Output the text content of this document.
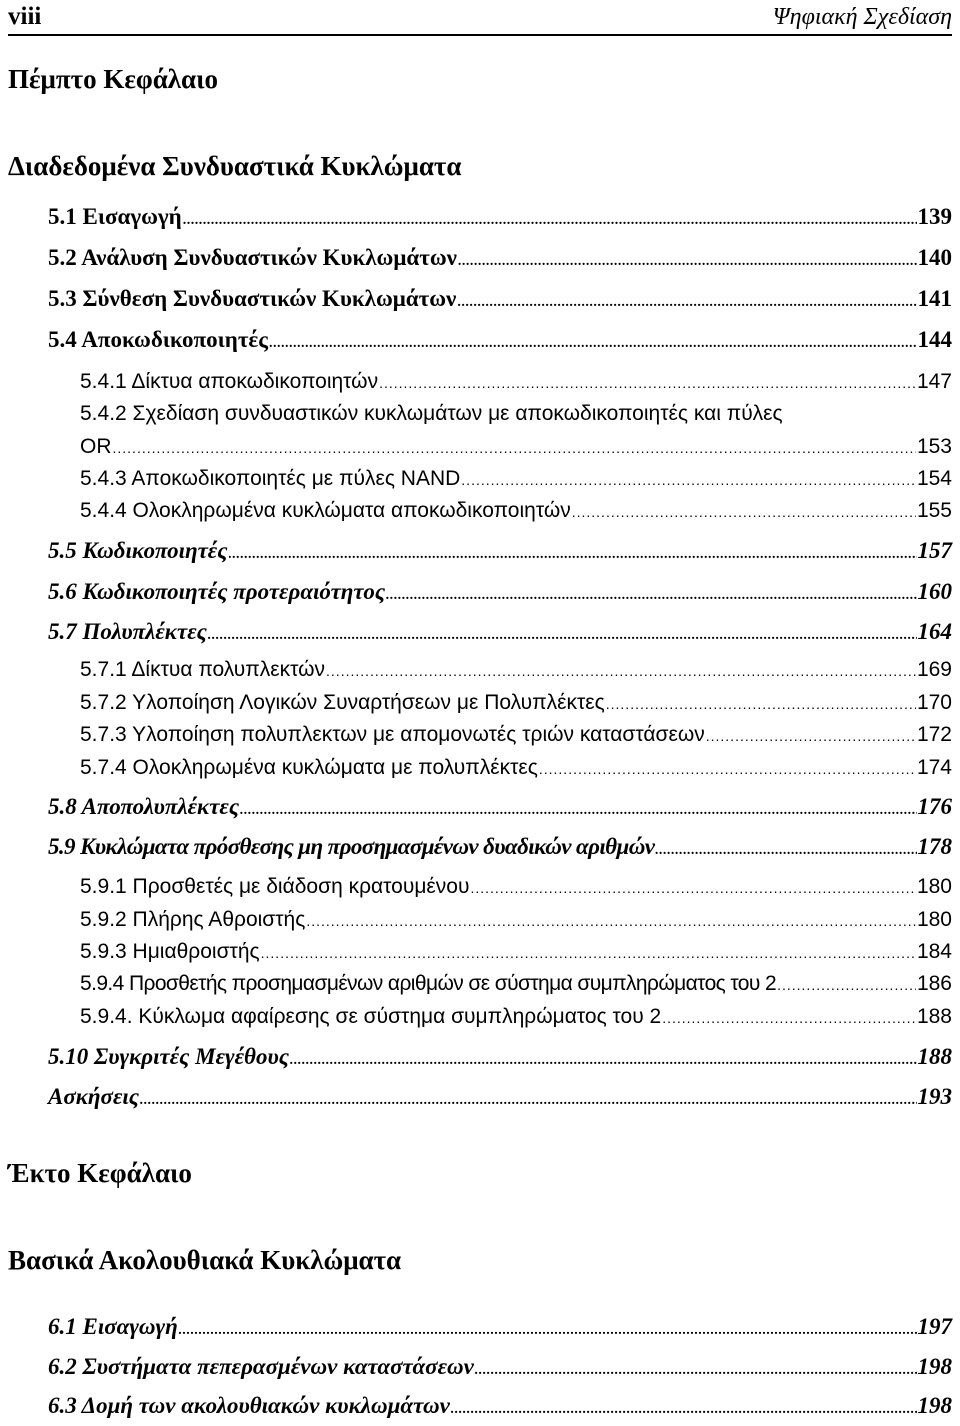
viii	Ψηφιακή Σχεδίαση
Πέμπτο Κεφάλαιο
Διαδεδομένα Συνδυαστικά Κυκλώματα
5.1 Εισαγωγή .....	139
5.2 Ανάλυση Συνδυαστικών Κυκλωμάτων .....	140
5.3 Σύνθεση Συνδυαστικών Κυκλωμάτων .....	141
5.4 Αποκωδικοποιητές .....	144
5.4.1 Δίκτυα αποκωδικοποιητών .....	147
5.4.2 Σχεδίαση συνδυαστικών κυκλωμάτων με αποκωδικοποιητές και πύλες
OR .....	153
5.4.3 Αποκωδικοποιητές με πύλες NAND .....	154
5.4.4 Ολοκληρωμένα κυκλώματα αποκωδικοποιητών .....	155
5.5 Κωδικοποιητές .....	157
5.6 Κωδικοποιητές προτεραιότητος .....	160
5.7 Πολυπλέκτες .....	164
5.7.1 Δίκτυα πολυπλεκτών .....	169
5.7.2 Υλοποίηση Λογικών Συναρτήσεων με Πολυπλέκτες .....	170
5.7.3 Υλοποίηση πολυπλεκτων με απομονωτές τριών καταστάσεων .....	172
5.7.4 Ολοκληρωμένα κυκλώματα με πολυπλέκτες .....	174
5.8 Αποπολυπλέκτες .....	176
5.9 Κυκλώματα πρόσθεσης μη προσημασμένων δυαδικών αριθμών .....	178
5.9.1 Προσθετές με διάδοση κρατουμένου .....	180
5.9.2 Πλήρης Αθροιστής .....	180
5.9.3 Ημιαθροιστής .....	184
5.9.4 Προσθετής προσημασμένων αριθμών σε σύστημα συμπληρώματος του 2 .....	186
5.9.4. Κύκλωμα αφαίρεσης σε σύστημα συμπληρώματος του 2 .....	188
5.10 Συγκριτές Μεγέθους .....	188
Ασκήσεις .....	193
Έκτο Κεφάλαιο
Βασικά Ακολουθιακά Κυκλώματα
6.1 Εισαγωγή .....	197
6.2 Συστήματα πεπερασμένων καταστάσεων .....	198
6.3 Δομή των ακολουθιακών κυκλωμάτων .....	198
